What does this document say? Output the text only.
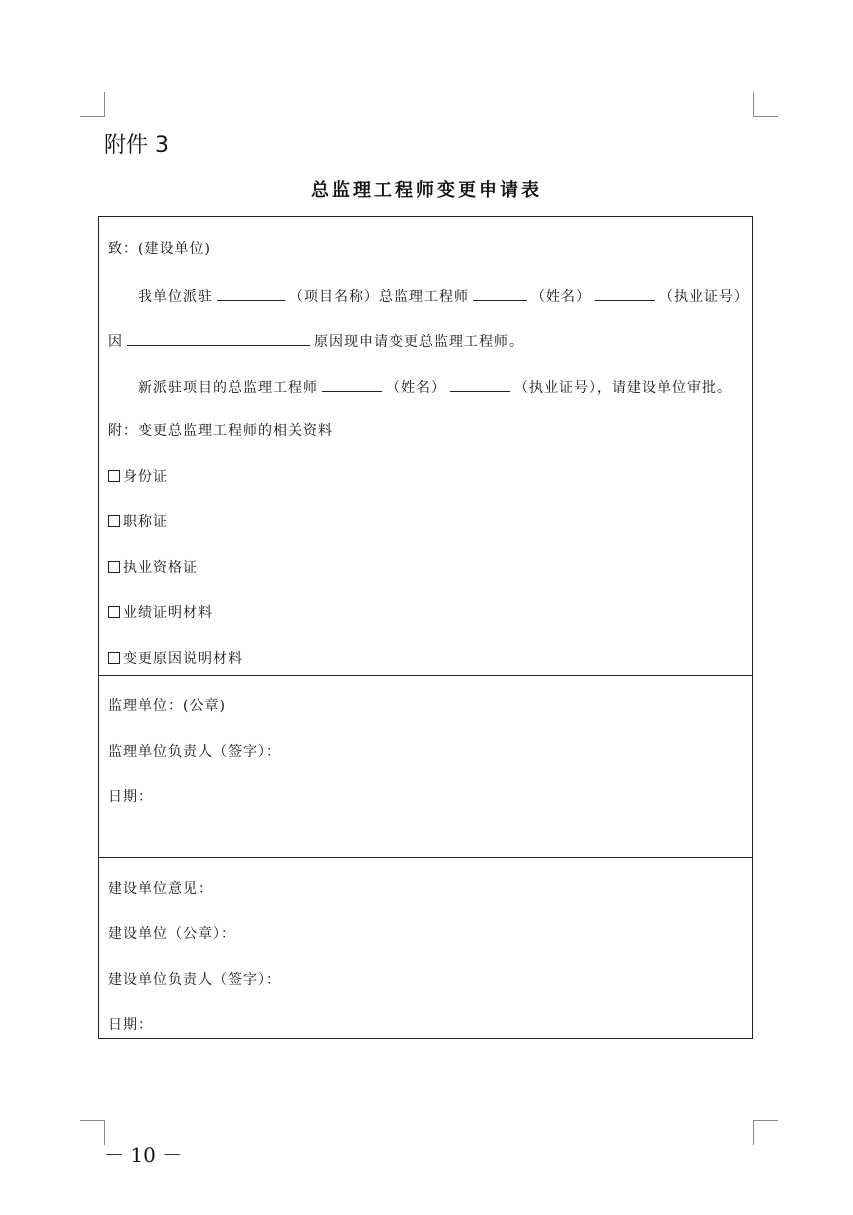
附件 3
总监理工程师变更申请表
致：(建设单位)
我单位派驻	（项目名称）总监理工程师	（姓名）	（执业证号）
因	原因现申请变更总监理工程师。
新派驻项目的总监理工程师	（姓名）	（执业证号），请建设单位审批。
附：变更总监理工程师的相关资料
身份证
职称证
执业资格证
业绩证明材料
变更原因说明材料
监理单位：(公章)
监理单位负责人（签字）：
日期：
建设单位意见：
建设单位（公章）：
建设单位负责人（签字）：
日期：
－ 10 －
